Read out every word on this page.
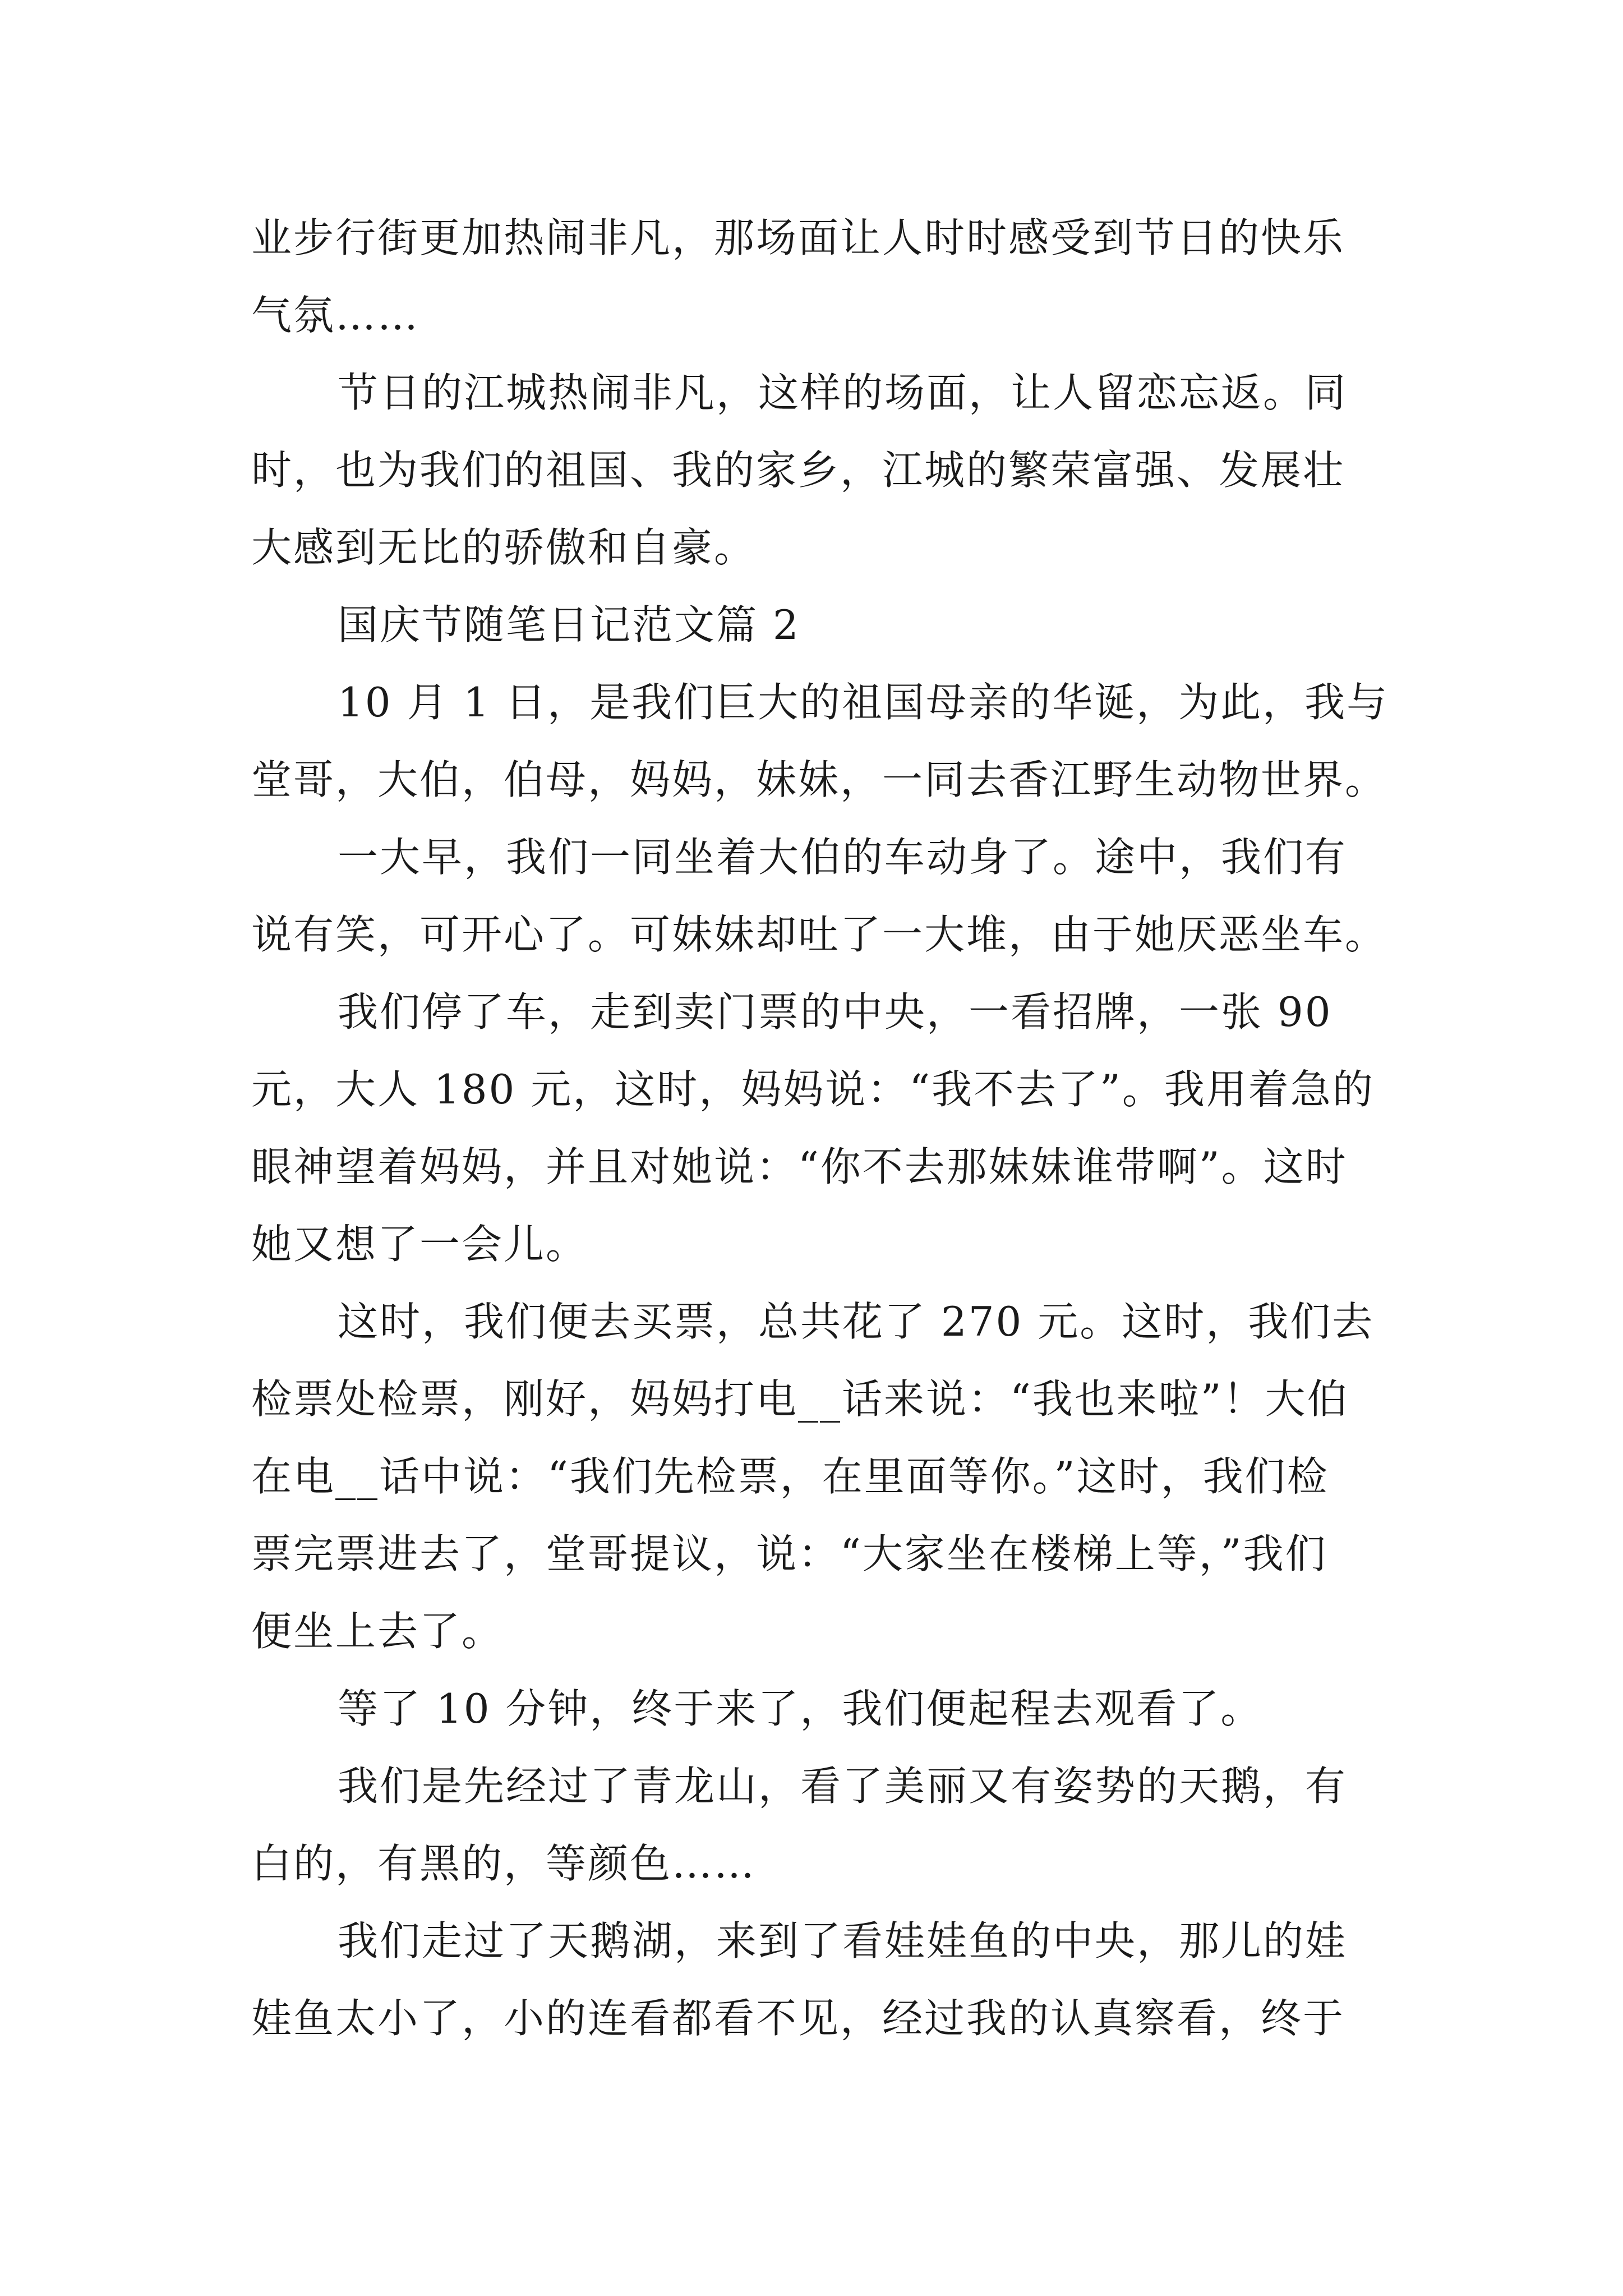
业步行街更加热闹非凡，那场面让人时时感受到节日的快乐
气氛……
节日的江城热闹非凡，这样的场面，让人留恋忘返。同
时，也为我们的祖国、我的家乡，江城的繁荣富强、发展壮
大感到无比的骄傲和自豪。
国庆节随笔日记范文篇 2
10 月 1 日，是我们巨大的祖国母亲的华诞，为此，我与
堂哥，大伯，伯母，妈妈，妹妹，一同去香江野生动物世界。
一大早，我们一同坐着大伯的车动身了。途中，我们有
说有笑，可开心了。可妹妹却吐了一大堆，由于她厌恶坐车。
我们停了车，走到卖门票的中央，一看招牌，一张 90
元，大人 180 元，这时，妈妈说：“我不去了”。我用着急的
眼神望着妈妈，并且对她说：“你不去那妹妹谁带啊”。这时
她又想了一会儿。
这时，我们便去买票，总共花了 270 元。这时，我们去
检票处检票，刚好，妈妈打电__话来说：“我也来啦”！大伯
在电__话中说：“我们先检票，在里面等你。”这时，我们检
票完票进去了，堂哥提议，说：“大家坐在楼梯上等，”我们
便坐上去了。
等了 10 分钟，终于来了，我们便起程去观看了。
我们是先经过了青龙山，看了美丽又有姿势的天鹅，有
白的，有黑的，等颜色……
我们走过了天鹅湖，来到了看娃娃鱼的中央，那儿的娃
娃鱼太小了，小的连看都看不见，经过我的认真察看，终于
